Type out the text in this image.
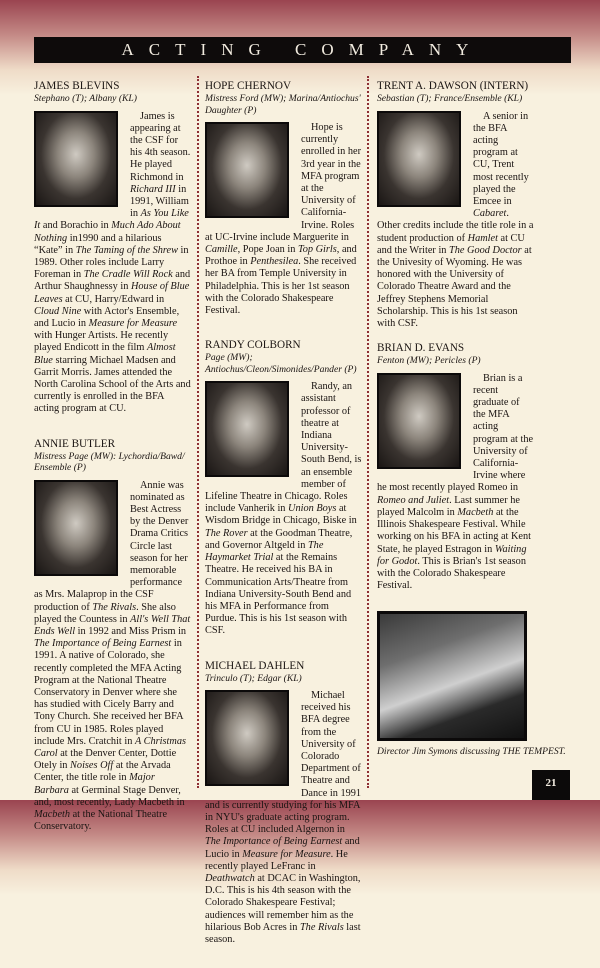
ACTING COMPANY
JAMES BLEVINS
Stephano (T); Albany (KL)
James is appearing at the CSF for his 4th season. He played Richmond in Richard III in 1991, William in As You Like It and Borachio in Much Ado About Nothing in1990 and a hilarious “Kate” in The Taming of the Shrew in 1989. Other roles include Larry Foreman in The Cradle Will Rock and Arthur Shaughnessy in House of Blue Leaves at CU, Harry/Edward in Cloud Nine with Actor's Ensemble, and Lucio in Measure for Measure with Hunger Artists. He recently played Endicott in the film Almost Blue starring Michael Madsen and Garrit Morris. James attended the North Carolina School of the Arts and currently is enrolled in the BFA acting program at CU.
ANNIE BUTLER
Mistress Page (MW): Lychordia/Bawd/ Ensemble (P)
Annie was nominated as Best Actress by the Denver Drama Critics Circle last season for her memorable performance as Mrs. Malaprop in the CSF production of The Rivals. She also played the Countess in All's Well That Ends Well in 1992 and Miss Prism in The Importance of Being Earnest in 1991. A native of Colorado, she recently completed the MFA Acting Program at the National Theatre Conservatory in Denver where she has studied with Cicely Barry and Tony Church. She received her BFA from CU in 1985. Roles played include Mrs. Cratchit in A Christmas Carol at the Denver Center, Dottie Otely in Noises Off at the Arvada Center, the title role in Major Barbara at Germinal Stage Denver, and, most recently, Lady Macbeth in Macbeth at the National Theatre Conservatory.
HOPE CHERNOV
Mistress Ford (MW); Marina/Antiochus' Daughter (P)
Hope is currently enrolled in her 3rd year in the MFA program at the University of California-Irvine. Roles at UC-Irvine include Marguerite in Camille, Pope Joan in Top Girls, and Prothoe in Penthesilea. She received her BA from Temple University in Philadelphia. This is her 1st season with the Colorado Shakespeare Festival.
RANDY COLBORN
Page (MW); Antiochus/Cleon/Simonides/Pander (P)
Randy, an assistant professor of theatre at Indiana University-South Bend, is an ensemble member of Lifeline Theatre in Chicago. Roles include Vanherik in Union Boys at Wisdom Bridge in Chicago, Biske in The Rover at the Goodman Theatre, and Governor Altgeld in The Haymarket Trial at the Remains Theatre. He received his BA in Communication Arts/Theatre from Indiana University-South Bend and his MFA in Performance from Purdue. This is his 1st season with CSF.
MICHAEL DAHLEN
Trinculo (T); Edgar (KL)
Michael received his BFA degree from the University of Colorado Department of Theatre and Dance in 1991 and is currently studying for his MFA in NYU's graduate acting program. Roles at CU included Algernon in The Importance of Being Earnest and Lucio in Measure for Measure. He recently played LeFranc in Deathwatch at DCAC in Washington, D.C. This is his 4th season with the Colorado Shakespeare Festival; audiences will remember him as the hilarious Bob Acres in The Rivals last season.
TRENT A. DAWSON (INTERN)
Sebastian (T); France/Ensemble (KL)
A senior in the BFA acting program at CU, Trent most recently played the Emcee in Cabaret. Other credits include the title role in a student production of Hamlet at CU and the Writer in The Good Doctor at the Univesity of Wyoming. He was honored with the University of Colorado Theatre Award and the Jeffrey Stephens Memorial Scholarship. This is his 1st season with CSF.
BRIAN D. EVANS
Fenton (MW); Pericles (P)
Brian is a recent graduate of the MFA acting program at the University of California-Irvine where he most recently played Romeo in Romeo and Juliet. Last summer he played Malcolm in Macbeth at the Illinois Shakespeare Festival. While working on his BFA in acting at Kent State, he played Estragon in Waiting for Godot. This is Brian's 1st season with the Colorado Shakespeare Festival.
Director Jim Symons discussing THE TEMPEST.
21
